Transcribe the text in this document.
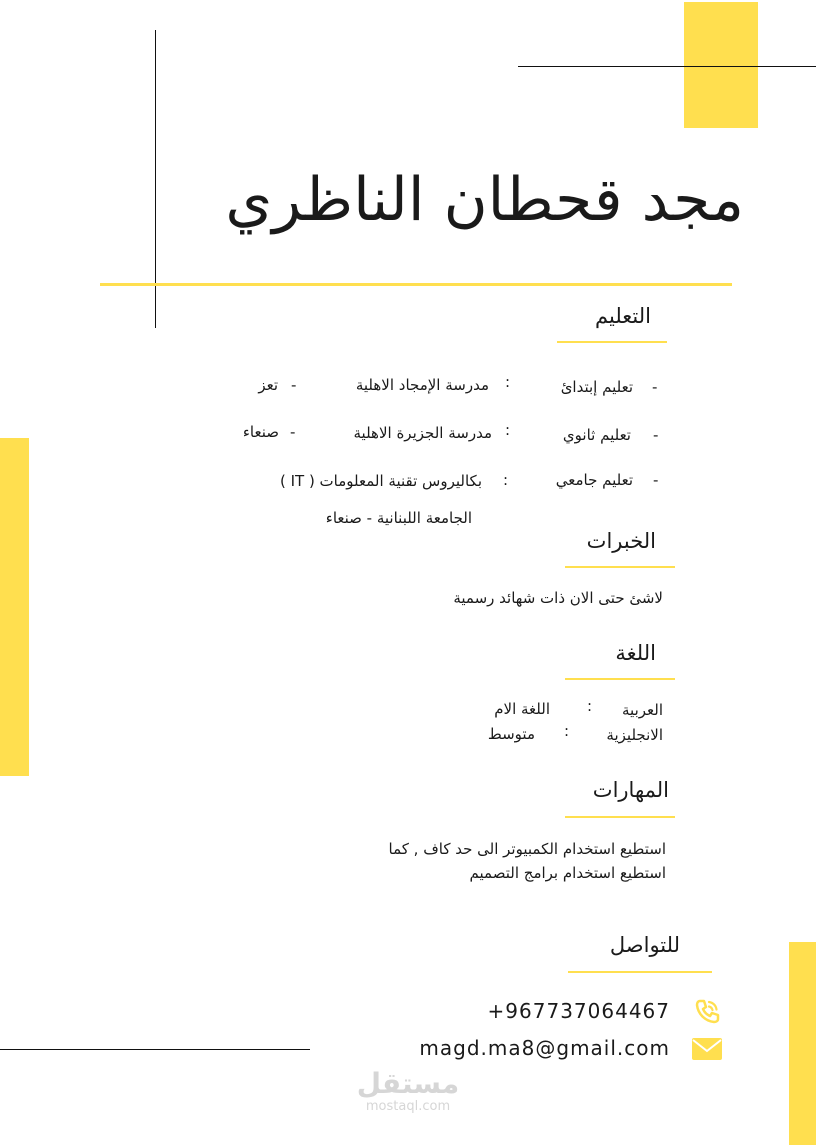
مجد قحطان الناظري
التعليم
-
تعليم إبتدائ
:
مدرسة الإمجاد الاهلية
-
تعز
-
تعليم ثانوي
:
مدرسة الجزيرة الاهلية
-
صنعاء
-
تعليم جامعي
:
بكاليروس تقنية المعلومات ( IT )
الجامعة اللبنانية - صنعاء
الخبرات
لاشئ حتى الان ذات شهائد رسمية
اللغة
العربية
:
اللغة الام
الانجليزية
:
متوسط
المهارات
استطيع استخدام الكمبيوتر الى حد كاف , كما
استطيع استخدام برامج التصميم
للتواصل
+967737064467
magd.ma8@gmail.com
مستقل
mostaql.com
